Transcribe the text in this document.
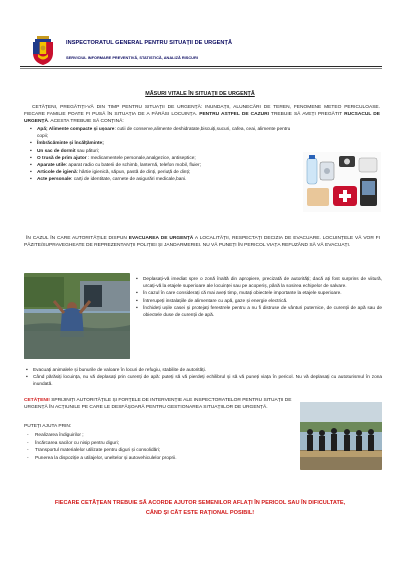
INSPECTORATUL GENERAL PENTRU SITUAȚII DE URGENȚĂ
SERVICIUL INFORMARE PREVENTIVĂ, STATISTICĂ, ANALIZĂ RISCURI
MĂSURI VITALE ÎN SITUAȚII DE URGENȚĂ
CETĂȚENI, PREGĂTIȚI-VĂ DIN TIMP PENTRU SITUAȚII DE URGENȚĂ: INUNDAȚII, ALUNECĂRI DE TEREN, FENOMENE METEO PERICULOASE. FIECARE FAMILIE POATE FI PUSĂ ÎN SITUAȚIA DE A PĂRĂSI LOCUINȚA. PENTRU ASTFEL DE CAZURI TREBUIE SĂ AVEȚI PREGĂTIT RUCSACUL DE URGENȚĂ. ACESTA TREBUIE SĂ CONȚINĂ:
▪ Apă; Alimente compacte și ușoare: cutii de conserve,alimente deshidratate,biscuiți,sucuri, cafea, ceai, alimente pentru copii;
▪ Îmbrăcăminte și încălțăminte;
▪ Un sac de dormit sau pături;
▪ O trusă de prim ajutor : medicamentele personale,analgezice, antiseptice;
▪ Aparate utile: aparat radio cu baterii de schimb, lanternă, telefon mobil, fluier;
▪ Articole de igienă: hârtie igienică, săpun, pastă de dinți, periuță de dinți;
▪ Acte personale: carți de identitate, carnete de asigurări medicale,bani.
ÎN CAZUL ÎN CARE AUTORITĂȚILE DISPUN EVACUAREA DE URGENȚĂ A LOCALITĂȚII, RESPECTAȚI DECIZIA DE EVACUARE. LOCUINȚELE VĂ VOR FI PĂZITE/SUPRAVEGHEATE DE REPREZENTANȚII POLIȚIEI ȘI JANDARMERIEI. NU VĂ PUNEȚI ÎN PERICOL VIAȚA REFUZÂND SĂ VĂ EVACUAȚI.
▪ Deplasați-vă imediat spre o zonă înaltă din apropiere, precizată de autorități; dacă ați fost surprins de viitură, urcați-vă la etajele superioare ale locuinței sau pe acoperiș, până la sosirea echipelor de salvare.
▪ În cazul în care considerați că mai aveți timp, mutați obiectele importante la etajele superioare.
▪ Întrerupeți instalațiile de alimentare cu apă, gaze și energie electrică.
▪ Închideți ușile casei și protejați ferestrele pentru a nu fi distruse de vânturi puternice, de curenții de apă sau de obiectele duse de curenții de apă.
▪ Evacuați animalele și bunurile de valoare în locuri de refugiu, stabilite de autorități.
▪ Când părăsiți locuința, nu vă deplasați prin curenți de apă: puteți să vă pierdeți echilibrul și să vă puneți viața în pericol. Nu vă deplasați cu autoturismul în zona inundată.
CETĂȚENI! SPRIJINIȚI AUTORITĂȚILE ȘI FORȚELE DE INTERVENȚIE ALE INSPECTORATELOR PENTRU SITUAȚII DE URGENȚĂ ÎN ACȚIUNILE PE CARE LE DESFĂȘOARĂ PENTRU GESTIONAREA SITUAȚIILOR DE URGENȚĂ.
PUTEȚI AJUTA PRIN:
- Realizarea îndiguirilor ;
- Încărcarea sacilor cu nisip pentru diguri;
- Transportul materialelor utilizate pentru diguri și consolidări;
- Punerea la dispoziție a utilajelor, uneltelor și autovehiculelor proprii.
FIECARE CETĂȚEAN TREBUIE SĂ ACORDE AJUTOR SEMENILOR AFLAȚI ÎN PERICOL SAU ÎN DIFICULTATE,
CÂND ȘI CÂT ESTE RAȚIONAL POSIBIL!
